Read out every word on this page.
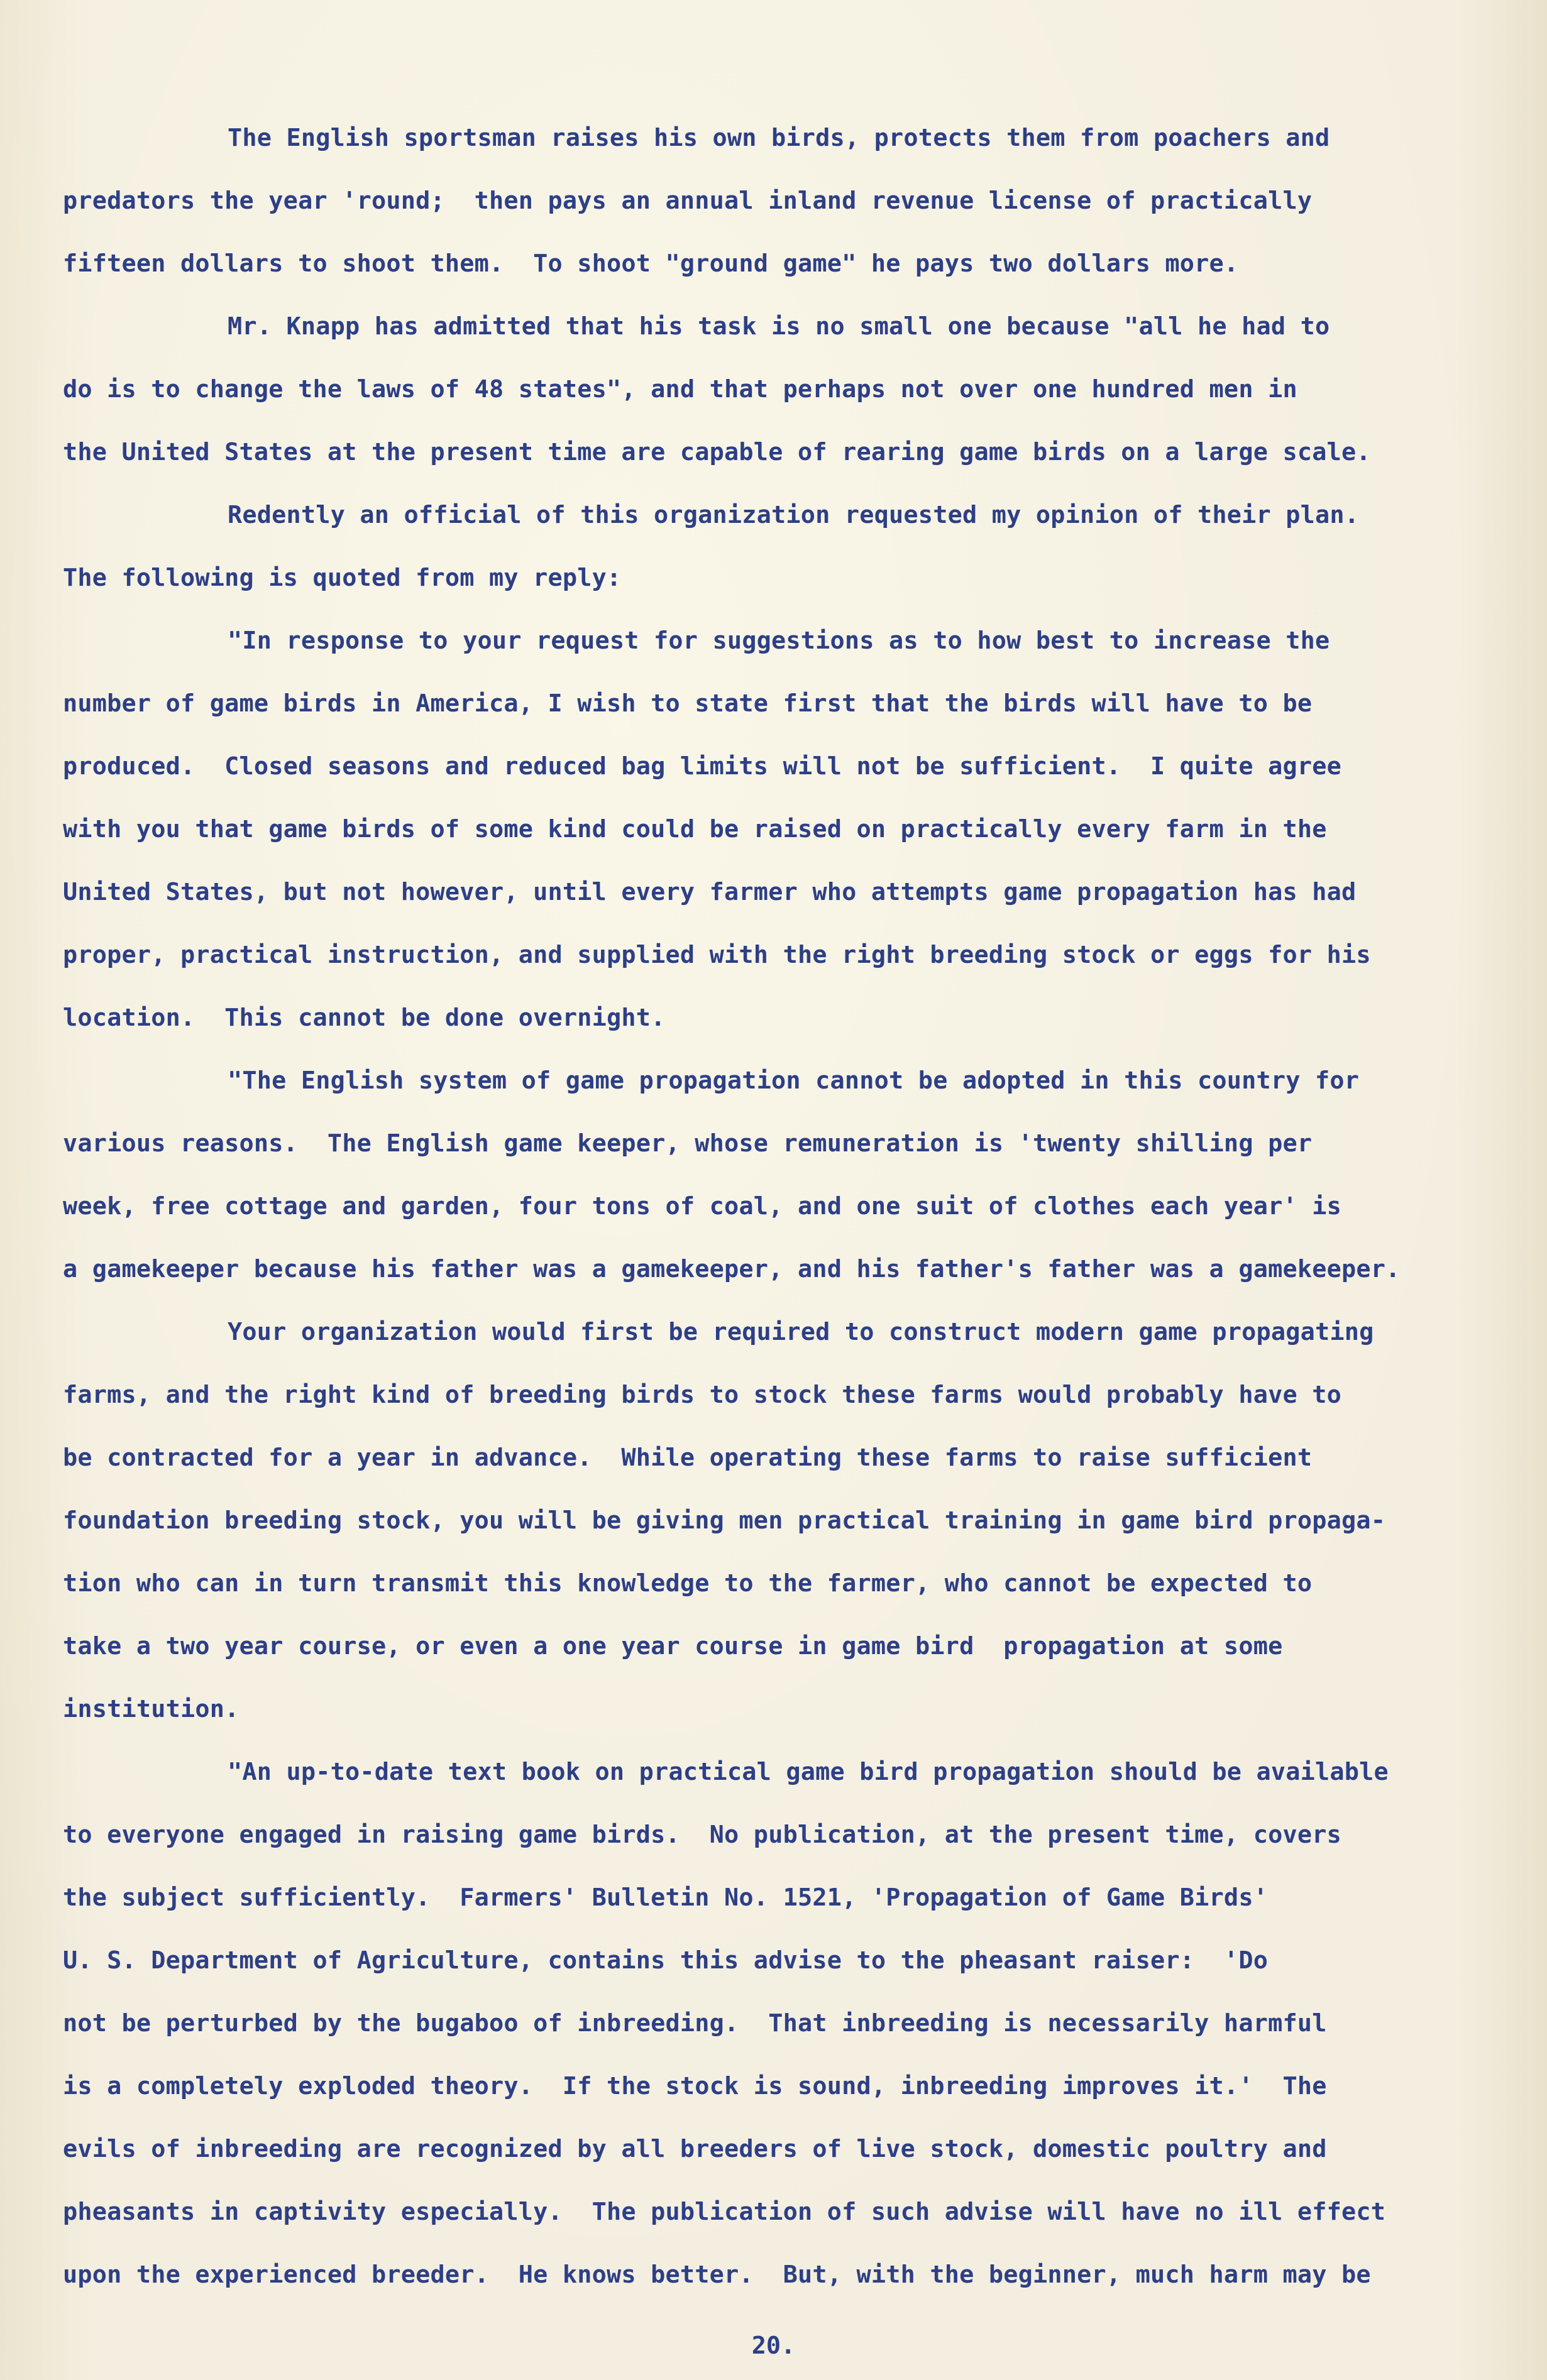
The English sportsman raises his own birds, protects them from poachers and
predators the year 'round;  then pays an annual inland revenue license of practically
fifteen dollars to shoot them.  To shoot "ground game" he pays two dollars more.
Mr. Knapp has admitted that his task is no small one because "all he had to
do is to change the laws of 48 states", and that perhaps not over one hundred men in
the United States at the present time are capable of rearing game birds on a large scale.
Redently an official of this organization requested my opinion of their plan.
The following is quoted from my reply:
"In response to your request for suggestions as to how best to increase the
number of game birds in America, I wish to state first that the birds will have to be
produced.  Closed seasons and reduced bag limits will not be sufficient.  I quite agree
with you that game birds of some kind could be raised on practically every farm in the
United States, but not however, until every farmer who attempts game propagation has had
proper, practical instruction, and supplied with the right breeding stock or eggs for his
location.  This cannot be done overnight.
"The English system of game propagation cannot be adopted in this country for
various reasons.  The English game keeper, whose remuneration is 'twenty shilling per
week, free cottage and garden, four tons of coal, and one suit of clothes each year' is
a gamekeeper because his father was a gamekeeper, and his father's father was a gamekeeper.
Your organization would first be required to construct modern game propagating
farms, and the right kind of breeding birds to stock these farms would probably have to
be contracted for a year in advance.  While operating these farms to raise sufficient
foundation breeding stock, you will be giving men practical training in game bird propaga-
tion who can in turn transmit this knowledge to the farmer, who cannot be expected to
take a two year course, or even a one year course in game bird  propagation at some
institution.
"An up-to-date text book on practical game bird propagation should be available
to everyone engaged in raising game birds.  No publication, at the present time, covers
the subject sufficiently.  Farmers' Bulletin No. 1521, 'Propagation of Game Birds'
U. S. Department of Agriculture, contains this advise to the pheasant raiser:  'Do
not be perturbed by the bugaboo of inbreeding.  That inbreeding is necessarily harmful
is a completely exploded theory.  If the stock is sound, inbreeding improves it.'  The
evils of inbreeding are recognized by all breeders of live stock, domestic poultry and
pheasants in captivity especially.  The publication of such advise will have no ill effect
upon the experienced breeder.  He knows better.  But, with the beginner, much harm may be
20.
